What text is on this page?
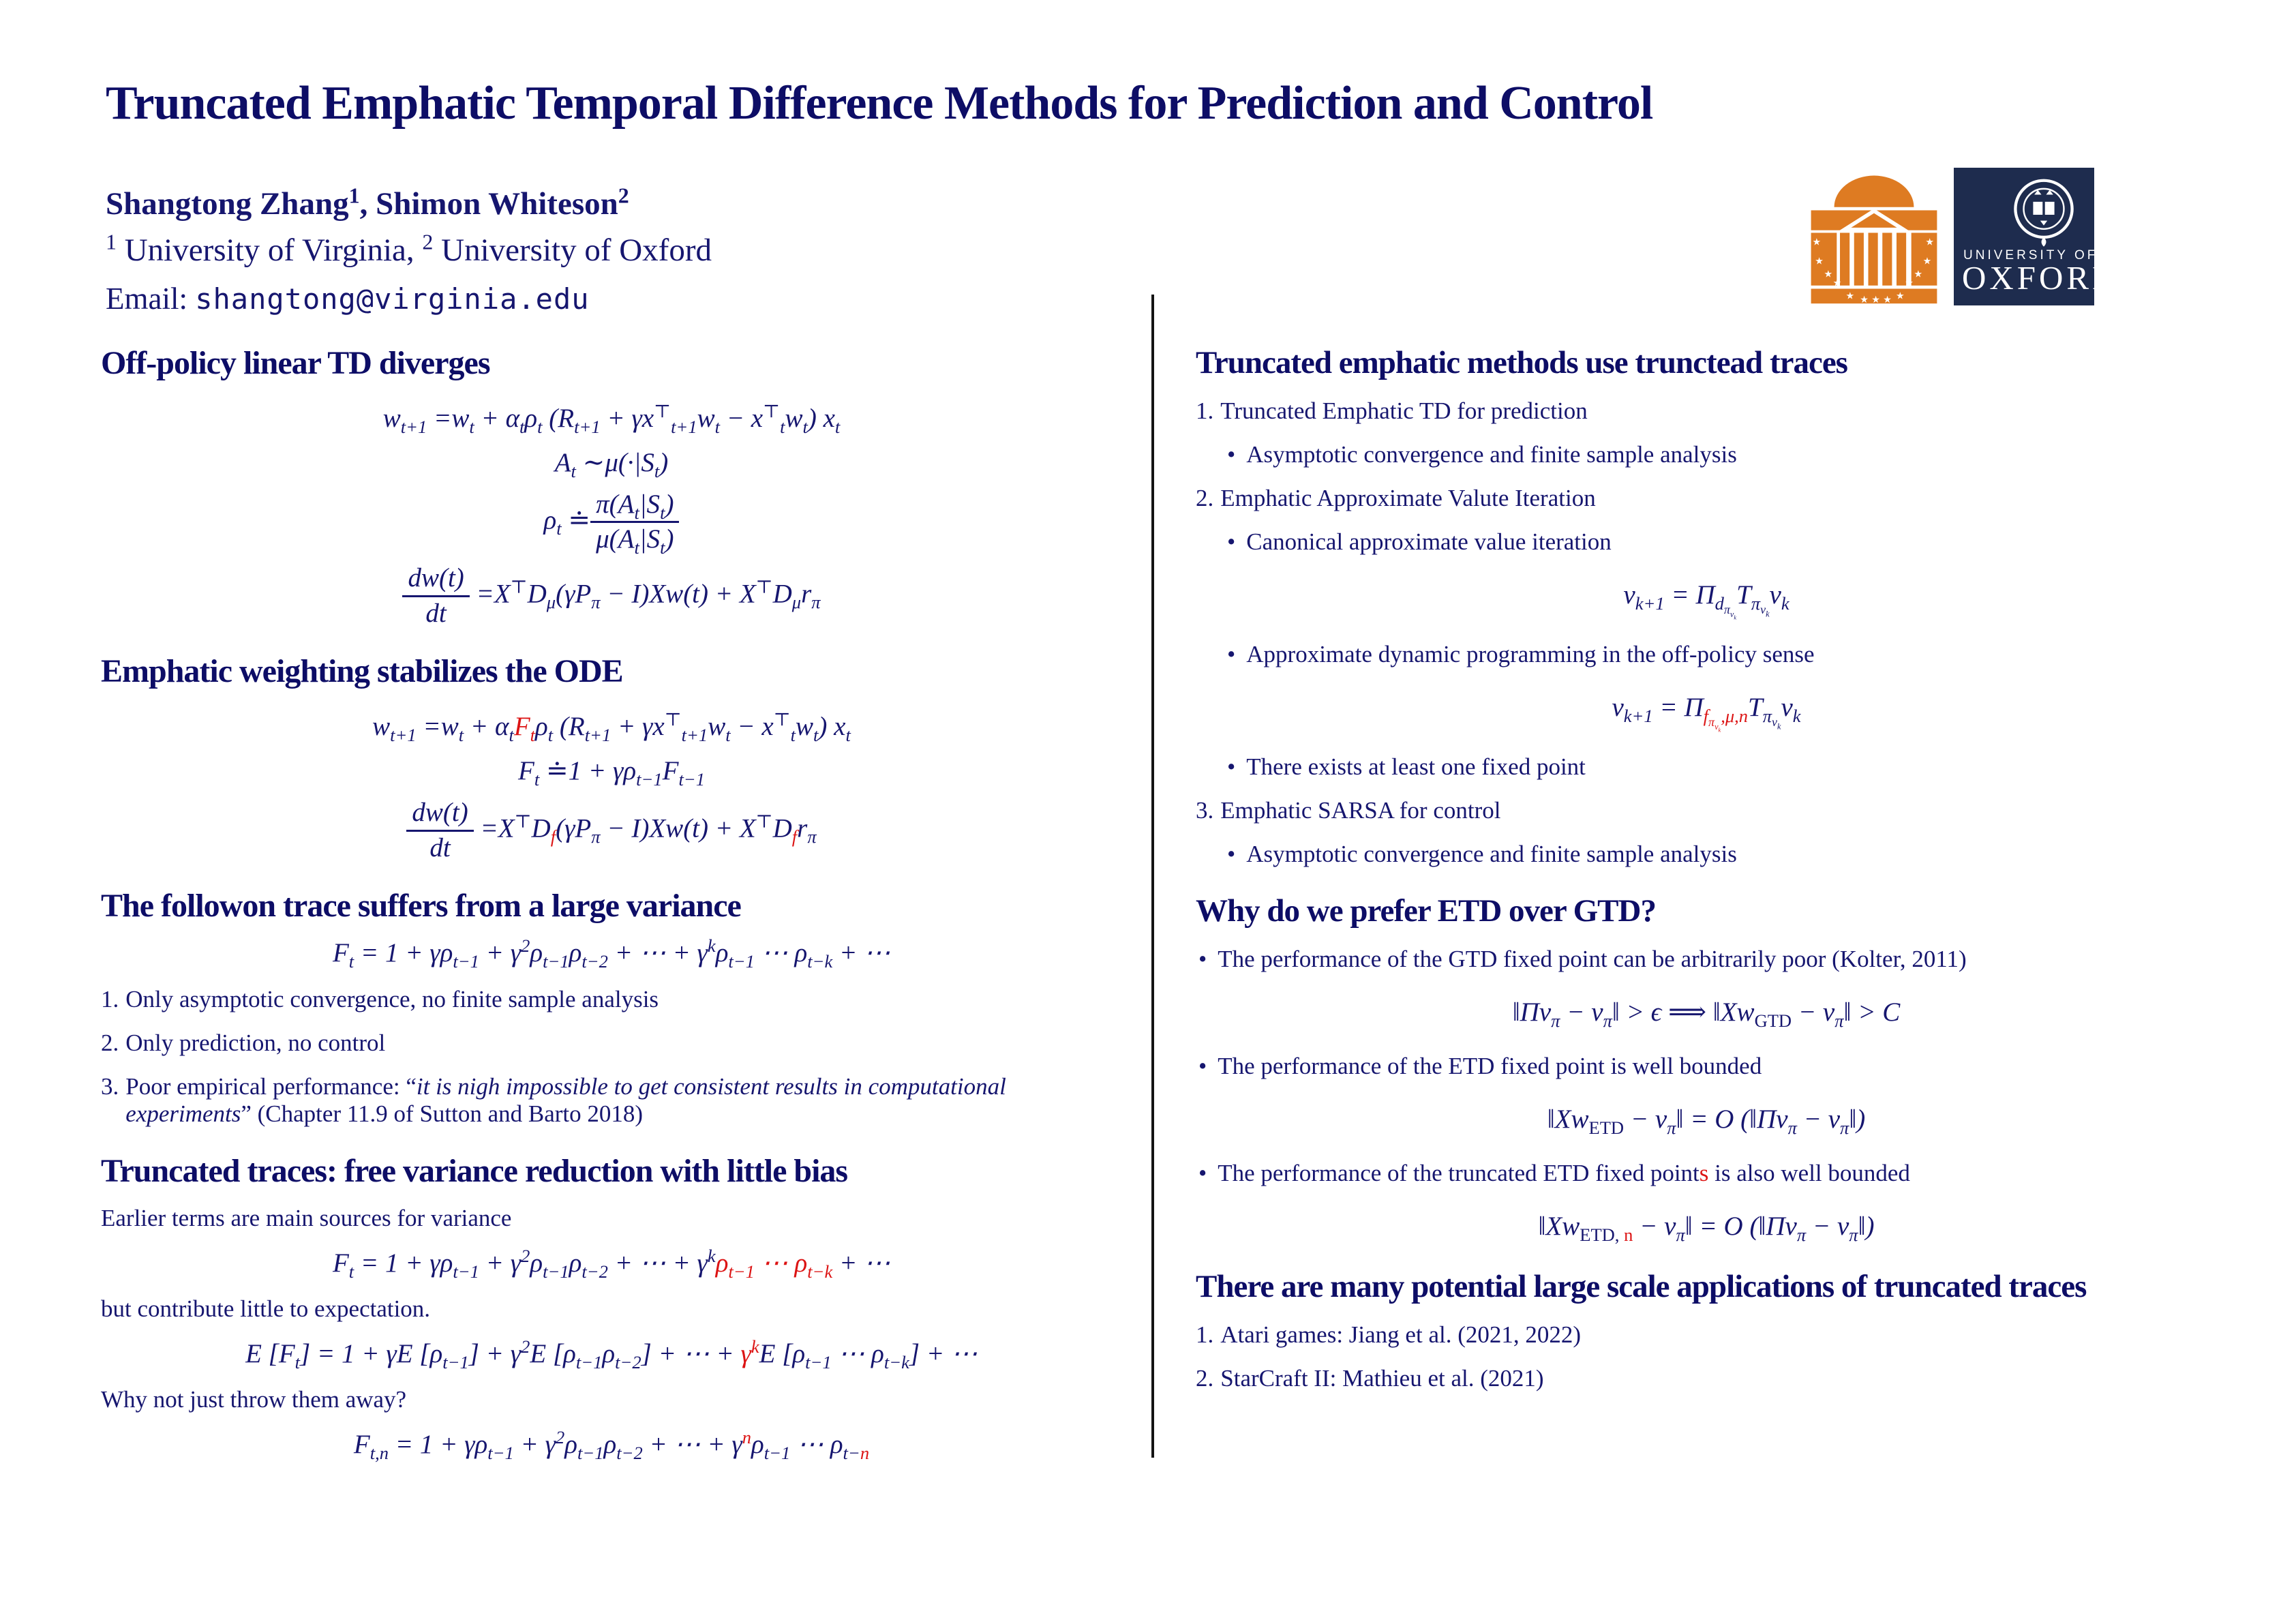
Truncated Emphatic Temporal Difference Methods for Prediction and Control
Shangtong Zhang$^1$, Shimon Whiteson$^2$
$^1$ University of Virginia, $^2$ University of Oxford
Email: shangtong@virginia.edu
★
★
★
★
★
★
★
★
★ ★ ★ ★ ★
UNIVERSITY OF
OXFORD
Off-policy linear TD diverges
$w_{t+1} =w_t + \alpha_t\rho_t$ $(R_{t+1} + \gamma x^⊤_{t+1}w_t - x^⊤_tw_t)$ $x_t$
$A_t$ $\sim\mu(\cdot|S_t)$
$\rho_t$ ≐ $\frac{\pi(A_t|S_t)}{\mu(A_t|S_t)}$
$\frac{dw(t)}{dt} =X^⊤D_\mu(\gamma P_\pi - I)Xw(t) + X^⊤D_\mu r_\pi$
Emphatic weighting stabilizes the ODE
$w_{t+1} =w_t + \alpha_tF_t\rho_t$ $(R_{t+1} + \gamma x^⊤_{t+1}w_t - x^⊤_tw_t)$ $x_t$
$F_t$ ≐1 + $\gamma\rho_{t-1}F_{t-1}$
$\frac{dw(t)}{dt} =X^⊤D_f(\gamma P_\pi - I)Xw(t) + X^⊤D_fr_\pi$
The followon trace suffers from a large variance
$F_t = 1 + \gamma\rho_{t-1} + \gamma^2\rho_{t-1}\rho_{t-2}$ + ⋯ + $\gamma^k\rho_{t-1}$ ⋯ $\rho_{t-k}$ + ⋯
1. Only asymptotic convergence, no finite sample analysis
2. Only prediction, no control
3. Poor empirical performance: “it is nigh impossible to get consistent results in computational experiments” (Chapter 11.9 of Sutton and Barto 2018)
Truncated traces: free variance reduction with little bias
Earlier terms are main sources for variance
$F_t = 1 + \gamma\rho_{t-1} + \gamma^2\rho_{t-1}\rho_{t-2}$ + ⋯ + $\gamma^k\rho_{t-1}$ ⋯ $\rho_{t-k}$ + ⋯
but contribute little to expectation.
E $[F_t] = 1 + \gamma E$ $[\rho_{t-1}] + \gamma^2E$ $[\rho_{t-1}\rho_{t-2}]$ + ⋯ + $\gamma^kE$ [$\rho_{t-1}$ ⋯ $\rho_{t-k}$] + ⋯
Why not just throw them away?
$F_{t,n} = 1 + \gamma\rho_{t-1} + \gamma^2\rho_{t-1}\rho_{t-2}$ + ⋯ + $\gamma^n\rho_{t-1}$ ⋯ $\rho_{t-n}$
Truncated emphatic methods use trunctead traces
1. Truncated Emphatic TD for prediction
• Asymptotic convergence and finite sample analysis
2. Emphatic Approximate Valute Iteration
• Canonical approximate value iteration
$v_{k+1} = \Pi_{d_{\pi_{v_k}}}T_{\pi_{v_k}}v_k$
• Approximate dynamic programming in the off-policy sense
$v_{k+1} = \Pi_{f_{\pi_{v_k}},\mu,n}T_{\pi_{v_k}}v_k$
• There exists at least one fixed point
3. Emphatic SARSA for control
• Asymptotic convergence and finite sample analysis
Why do we prefer ETD over GTD?
• The performance of the GTD fixed point can be arbitrarily poor (Kolter, 2011)
$‖\Pi v_\pi$ − $v_\pi‖ > \epsilon$ ⟹ $‖Xw_{GTD}$ − $v_\pi‖ > C$
• The performance of the ETD fixed point is well bounded
$‖Xw_{ETD}$ − $v_\pi‖ = O$ ($‖\Pi v_\pi$ − $v_\pi‖$)
• The performance of the truncated ETD fixed points is also well bounded
$‖Xw_{ETD, n}$ − $v_\pi‖ = O$ ($‖\Pi v_\pi$ − $v_\pi‖$)
There are many potential large scale applications of truncated traces
1. Atari games: Jiang et al. (2021, 2022)
2. StarCraft II: Mathieu et al. (2021)
